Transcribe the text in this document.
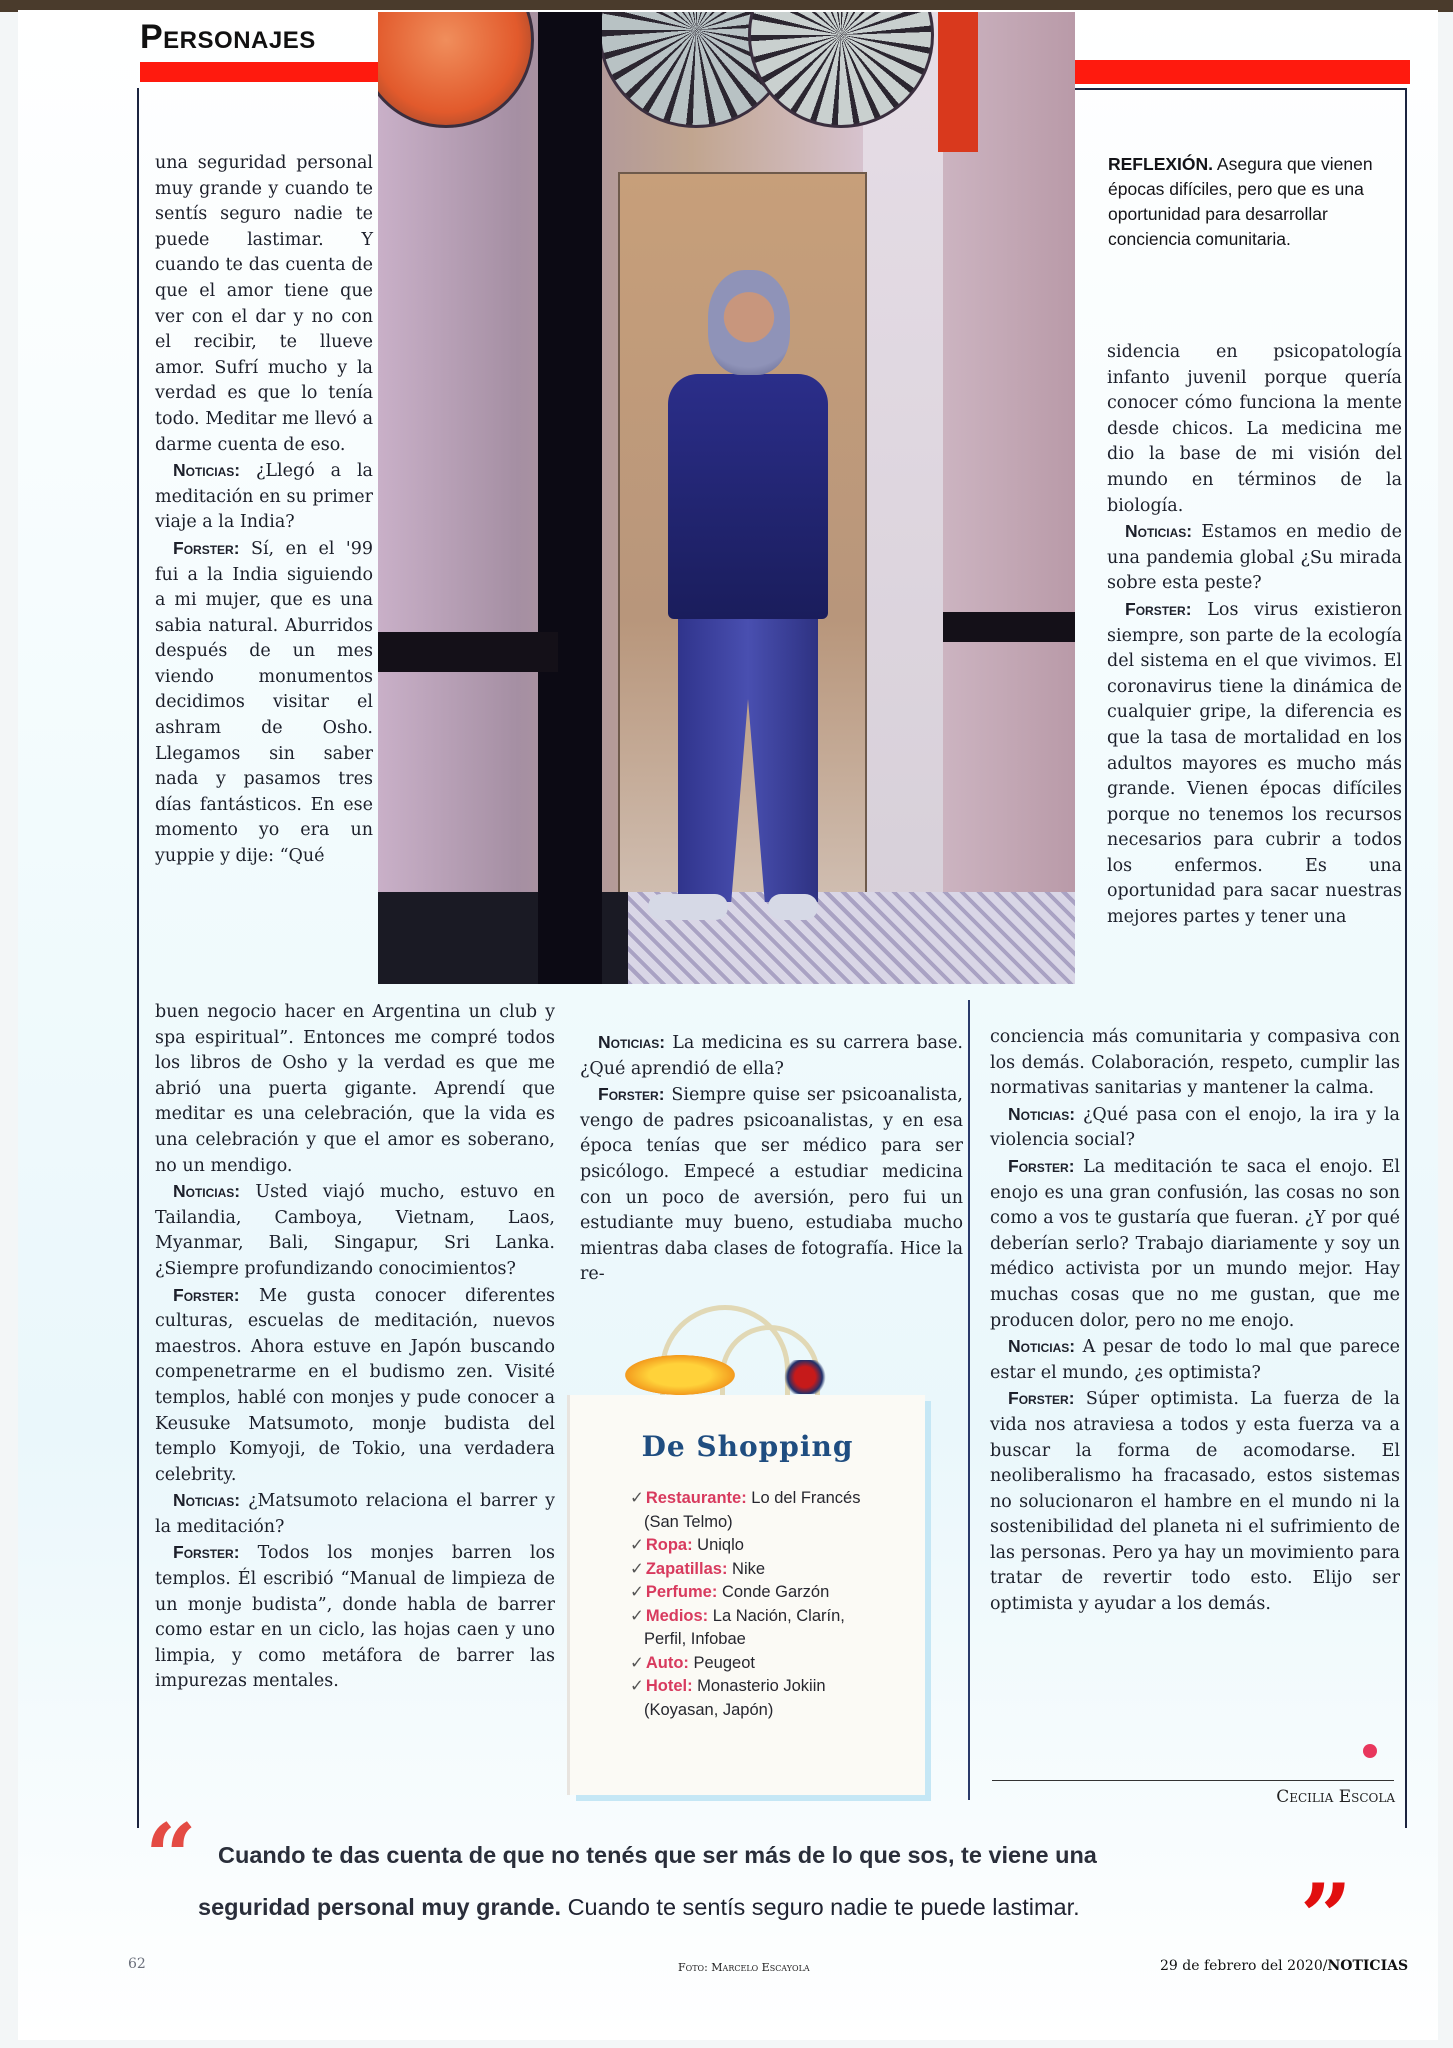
Personajes
REFLEXIÓN. Asegura que vienen épocas difíciles, pero que es una oportunidad para desarrollar conciencia comunitaria.

una seguridad personal muy grande y cuando te sentís seguro nadie te puede lastimar. Y cuando te das cuenta de que el amor tiene que ver con el dar y no con el recibir, te llueve amor. Sufrí mucho y la verdad es que lo tenía todo. Meditar me llevó a darme cuenta de eso.

Noticias: ¿Llegó a la meditación en su primer viaje a la India?

Forster: Sí, en el '99 fui a la India siguiendo a mi mujer, que es una sabia natural. Aburridos después de un mes viendo monumentos decidimos visitar el ashram de Osho. Llegamos sin saber nada y pasamos tres días fantásticos. En ese momento yo era un yuppie y dije: “Qué

buen negocio hacer en Argentina un club y spa espiritual”. Entonces me compré todos los libros de Osho y la verdad es que me abrió una puerta gigante. Aprendí que meditar es una celebración, que la vida es una celebración y que el amor es soberano, no un mendigo.

Noticias: Usted viajó mucho, estuvo en Tailandia, Camboya, Vietnam, Laos, Myanmar, Bali, Singapur, Sri Lanka. ¿Siempre profundizando conocimientos?

Forster: Me gusta conocer diferentes culturas, escuelas de meditación, nuevos maestros. Ahora estuve en Japón buscando compenetrarme en el budismo zen. Visité templos, hablé con monjes y pude conocer a Keusuke Matsumoto, monje budista del templo Komyoji, de Tokio, una verdadera celebrity.

Noticias: ¿Matsumoto relaciona el barrer y la meditación?

Forster: Todos los monjes barren los templos. Él escribió “Manual de limpieza de un monje budista”, donde habla de barrer como estar en un ciclo, las hojas caen y uno limpia, y como metáfora de barrer las impurezas mentales.

Noticias: La medicina es su carrera base. ¿Qué aprendió de ella?

Forster: Siempre quise ser psicoanalista, vengo de padres psicoanalistas, y en esa época tenías que ser médico para ser psicólogo. Empecé a estudiar medicina con un poco de aversión, pero fui un estudiante muy bueno, estudiaba mucho mientras daba clases de fotografía. Hice la re-

sidencia en psicopatología infanto juvenil porque quería conocer cómo funciona la mente desde chicos. La medicina me dio la base de mi visión del mundo en términos de la biología.

Noticias: Estamos en medio de una pandemia global ¿Su mirada sobre esta peste?

Forster: Los virus existieron siempre, son parte de la ecología del sistema en el que vivimos. El coronavirus tiene la dinámica de cualquier gripe, la diferencia es que la tasa de mortalidad en los adultos mayores es mucho más grande. Vienen épocas difíciles porque no tenemos los recursos necesarios para cubrir a todos los enfermos. Es una oportunidad para sacar nuestras mejores partes y tener una

conciencia más comunitaria y compasiva con los demás. Colaboración, respeto, cumplir las normativas sanitarias y mantener la calma.

Noticias: ¿Qué pasa con el enojo, la ira y la violencia social?

Forster: La meditación te saca el enojo. El enojo es una gran confusión, las cosas no son como a vos te gustaría que fueran. ¿Y por qué deberían serlo? Trabajo diariamente y soy un médico activista por un mundo mejor. Hay muchas cosas que no me gustan, que me producen dolor, pero no me enojo.

Noticias: A pesar de todo lo mal que parece estar el mundo, ¿es optimista?

Forster: Súper optimista. La fuerza de la vida nos atraviesa a todos y esta fuerza va a buscar la forma de acomodarse. El neoliberalismo ha fracasado, estos sistemas no solucionaron el hambre en el mundo ni la sostenibilidad del planeta ni el sufrimiento de las personas. Pero ya hay un movimiento para tratar de revertir todo esto. Elijo ser optimista y ayudar a los demás.

Cecilia Escola
De Shopping
✓ Restaurante: Lo del Francés
(San Telmo)
✓ Ropa: Uniqlo
✓ Zapatillas: Nike
✓ Perfume: Conde Garzón
✓ Medios: La Nación, Clarín,
Perfil, Infobae
✓ Auto: Peugeot
✓ Hotel: Monasterio Jokiin
(Koyasan, Japón)
“ Cuando te das cuenta de que no tenés que ser más de lo que sos, te viene una
seguridad personal muy grande. Cuando te sentís seguro nadie te puede lastimar. ”
62	Foto: Marcelo Escayola	29 de febrero del 2020/NOTICIAS
